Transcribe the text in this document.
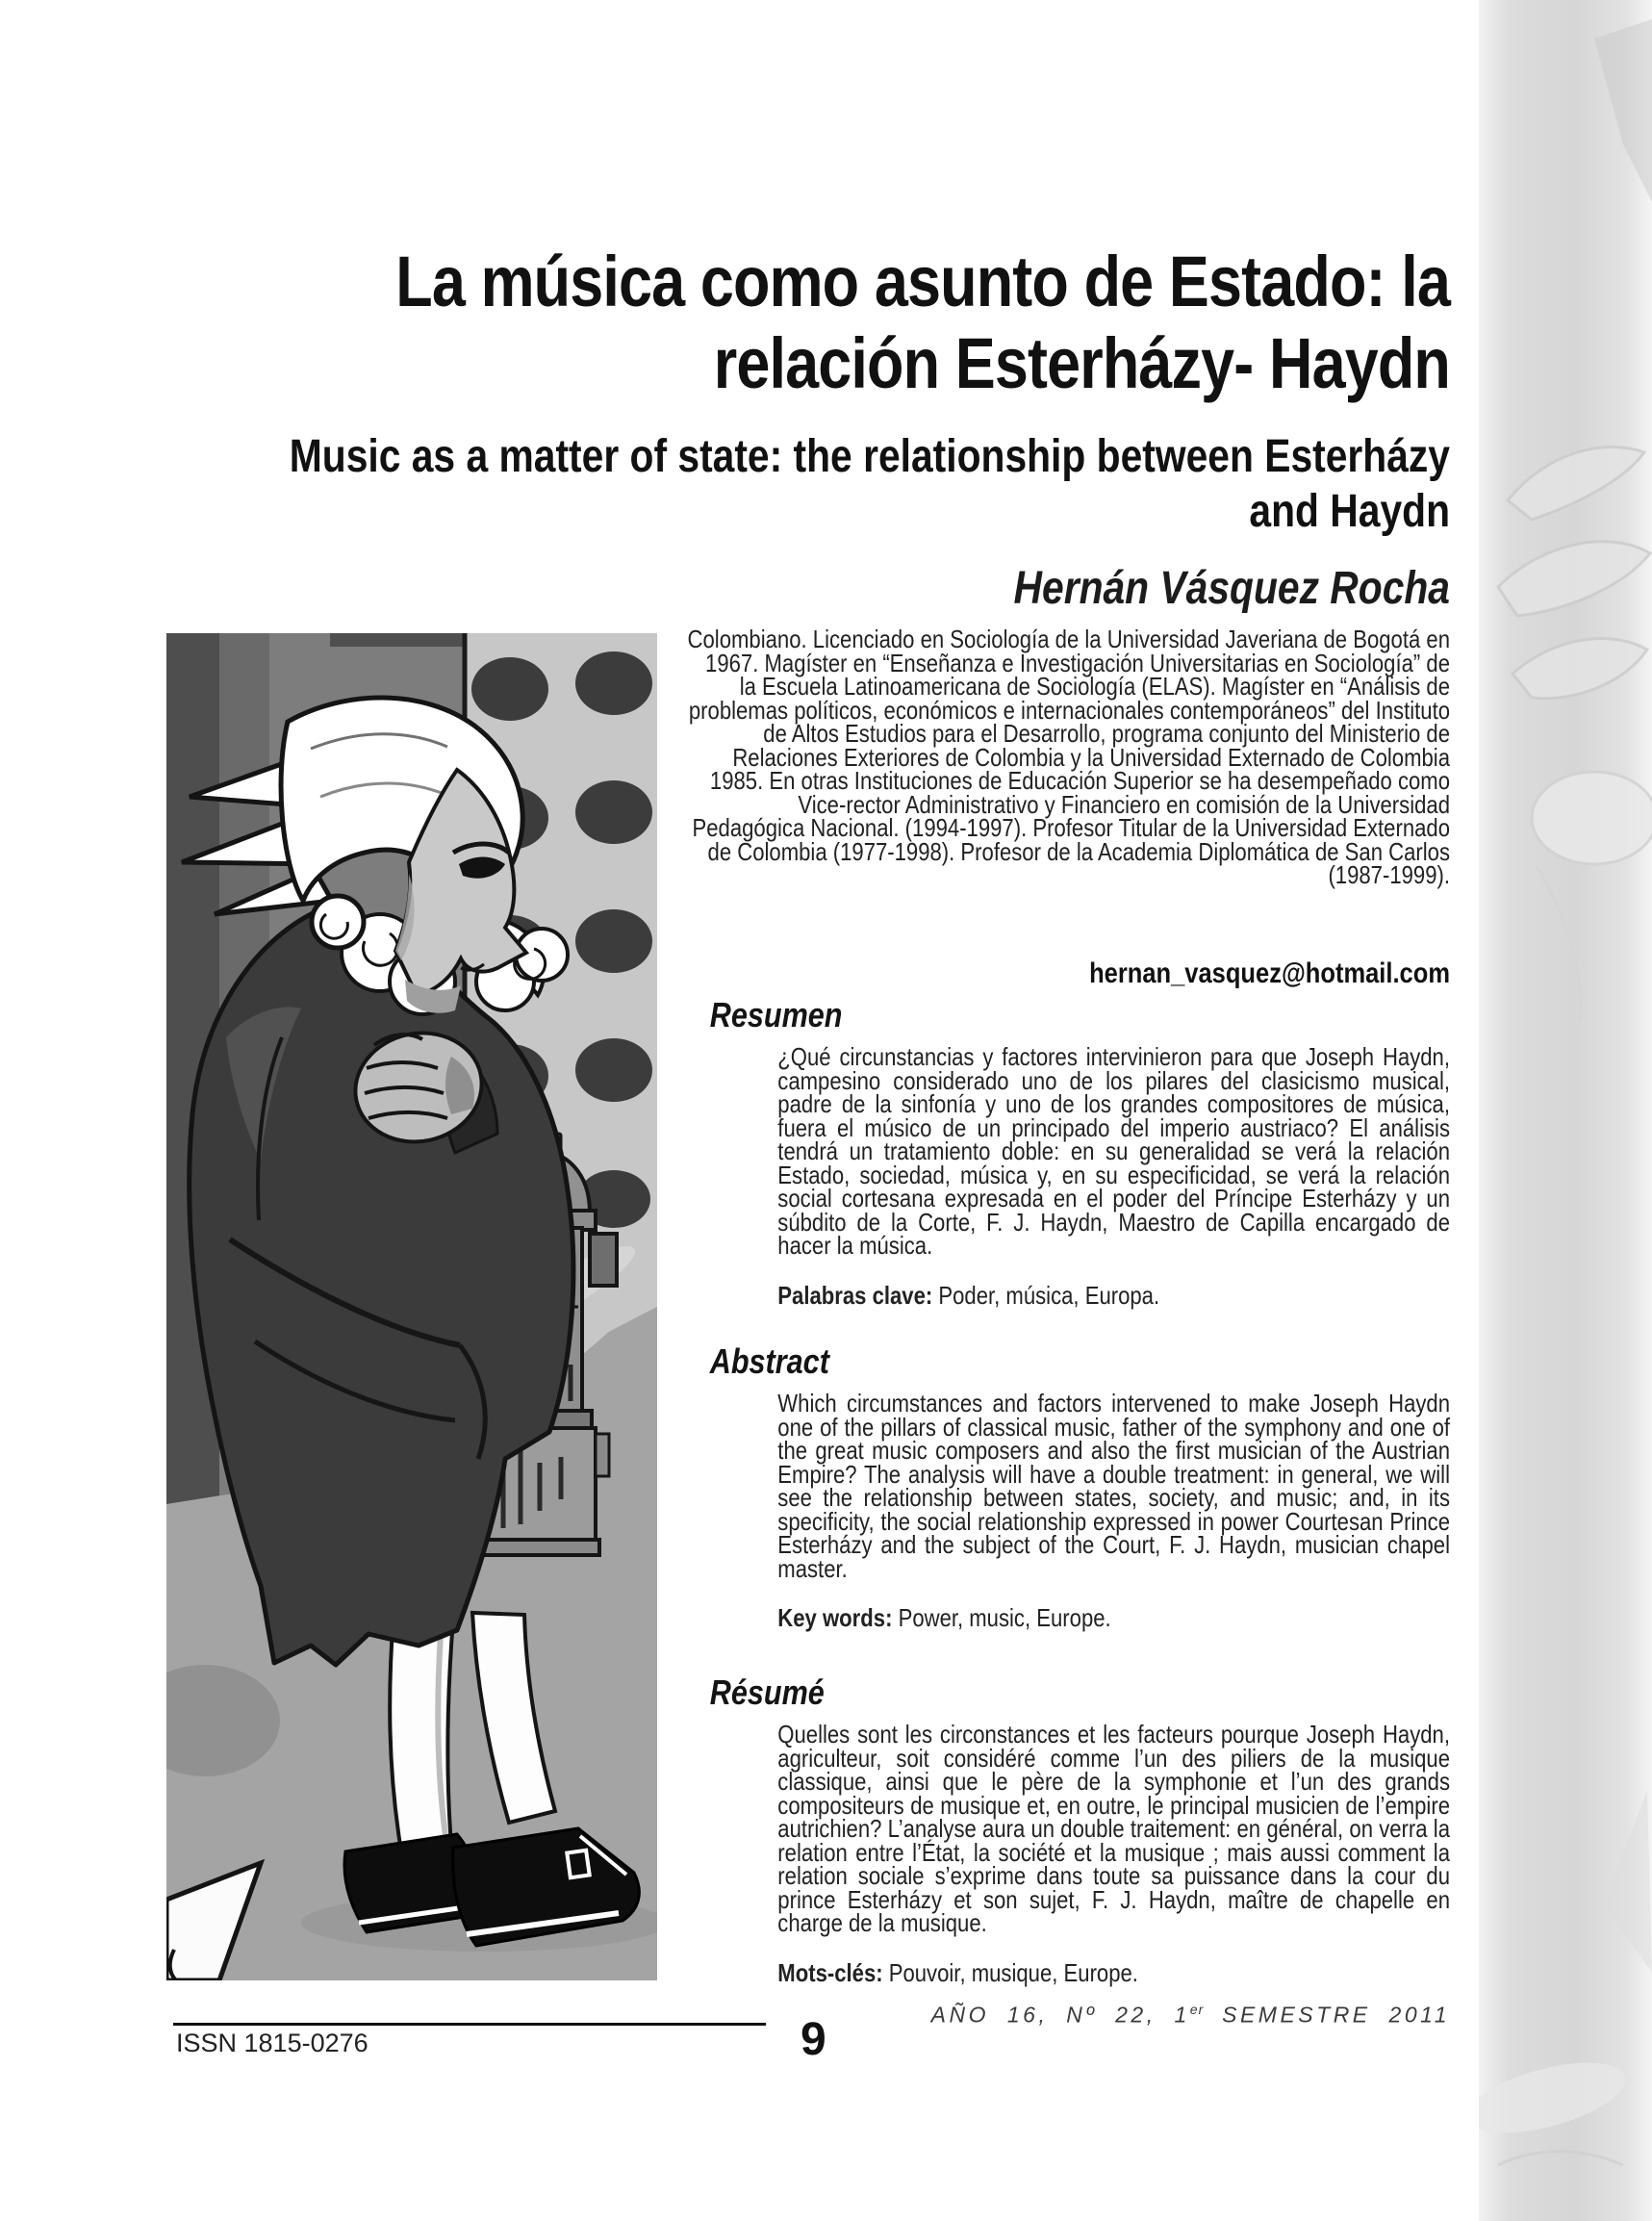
La música como asunto de Estado: la
relación Esterházy- Haydn
Music as a matter of state: the relationship between Esterházy
and Haydn
Hernán Vásquez Rocha
Colombiano. Licenciado en Sociología de la Universidad Javeriana de Bogotá en 1967. Magíster en “Enseñanza e Investigación Universitarias en Sociología” de la Escuela Latinoamericana de Sociología (ELAS). Magíster en “Análisis de problemas políticos, económicos e internacionales contemporáneos” del Instituto de Altos Estudios para el Desarrollo, programa conjunto del Ministerio de Relaciones Exteriores de Colombia y la Universidad Externado de Colombia 1985. En otras Instituciones de Educación Superior se ha desempeñado como Vice-rector Administrativo y Financiero en comisión de la Universidad Pedagógica Nacional. (1994-1997). Profesor Titular de la Universidad Externado de Colombia (1977-1998). Profesor de la Academia Diplomática de San Carlos (1987-1999).
hernan_vasquez@hotmail.com
Resumen

¿Qué circunstancias y factores intervinieron para que Joseph Haydn, campesino considerado uno de los pilares del clasicismo musical, padre de la sinfonía y uno de los grandes compositores de música, fuera el músico de un principado del imperio austriaco? El análisis tendrá un tratamiento doble: en su generalidad se verá la relación Estado, sociedad, música y, en su especificidad, se verá la relación social cortesana expresada en el poder del Príncipe Esterházy y un súbdito de la Corte, F. J. Haydn, Maestro de Capilla encargado de hacer la música.

Palabras clave: Poder, música, Europa.
Abstract

Which circumstances and factors intervened to make Joseph Haydn one of the pillars of classical music, father of the symphony and one of the great music composers and also the first musician of the Austrian Empire? The analysis will have a double treatment: in general, we will see the relationship between states, society, and music; and, in its specificity, the social relationship expressed in power Courtesan Prince Esterházy and the subject of the Court, F. J. Haydn, musician chapel master.

Key words: Power, music, Europe.
Résumé

Quelles sont les circonstances et les facteurs pourque Joseph Haydn, agriculteur, soit considéré comme l’un des piliers de la musique classique, ainsi que le père de la symphonie et l’un des grands compositeurs de musique et, en outre, le principal musicien de l’empire autrichien? L’analyse aura un double traitement: en général, on verra la relation entre l’État, la société et la musique ; mais aussi comment la relation sociale s’exprime dans toute sa puissance dans la cour du prince Esterházy et son sujet, F. J. Haydn, maître de chapelle en charge de la musique.

Mots-clés: Pouvoir, musique, Europe.
ISSN 1815-0276	9	AÑO 16, Nº 22, 1er SEMESTRE 2011
